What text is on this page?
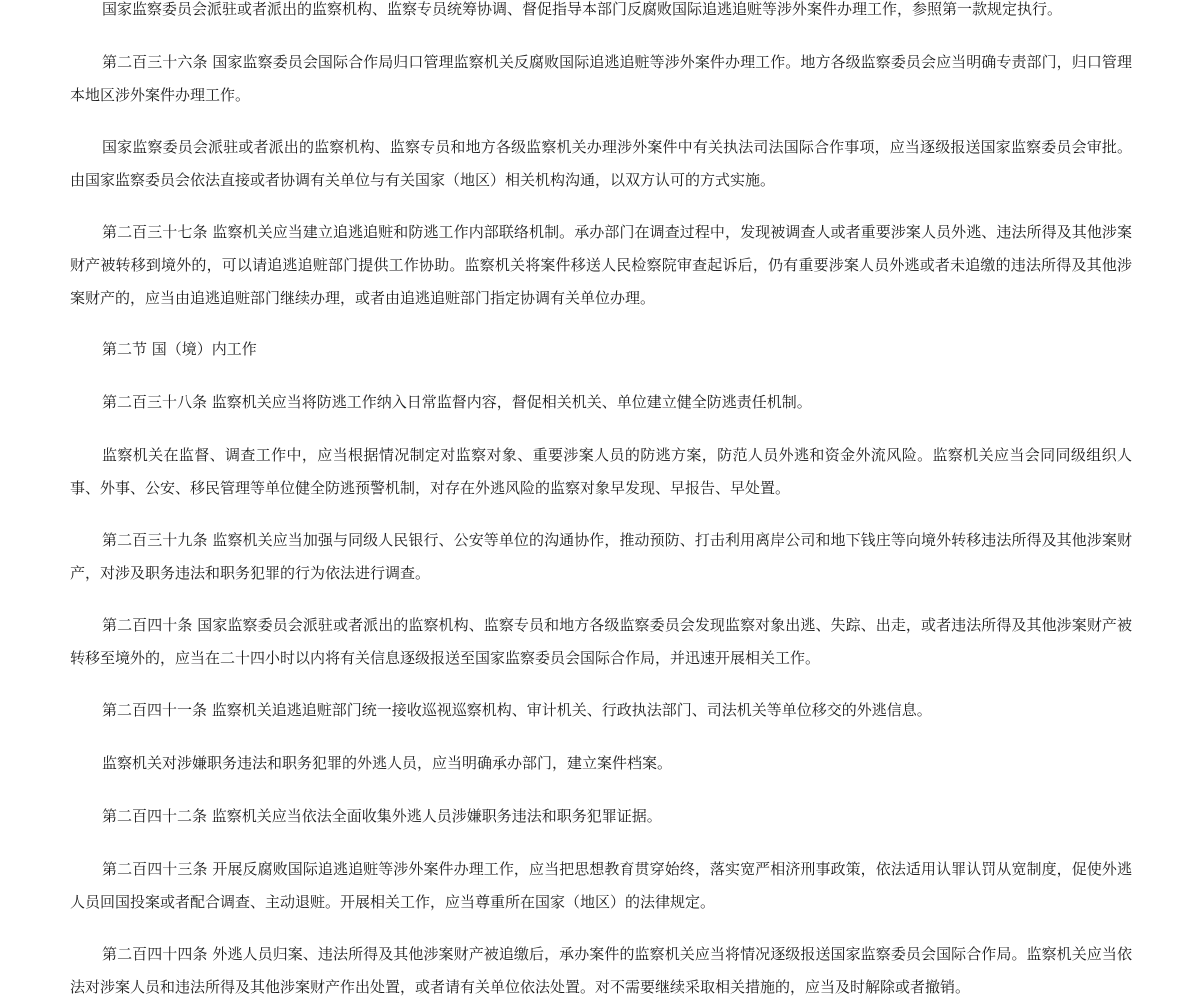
国家监察委员会派驻或者派出的监察机构、监察专员统筹协调、督促指导本部门反腐败国际追逃追赃等涉外案件办理工作，参照第一款规定执行。

第二百三十六条 国家监察委员会国际合作局归口管理监察机关反腐败国际追逃追赃等涉外案件办理工作。地方各级监察委员会应当明确专责部门，归口管理本地区涉外案件办理工作。

国家监察委员会派驻或者派出的监察机构、监察专员和地方各级监察机关办理涉外案件中有关执法司法国际合作事项，应当逐级报送国家监察委员会审批。由国家监察委员会依法直接或者协调有关单位与有关国家（地区）相关机构沟通，以双方认可的方式实施。

第二百三十七条 监察机关应当建立追逃追赃和防逃工作内部联络机制。承办部门在调查过程中，发现被调查人或者重要涉案人员外逃、违法所得及其他涉案财产被转移到境外的，可以请追逃追赃部门提供工作协助。监察机关将案件移送人民检察院审查起诉后，仍有重要涉案人员外逃或者未追缴的违法所得及其他涉案财产的，应当由追逃追赃部门继续办理，或者由追逃追赃部门指定协调有关单位办理。

第二节 国（境）内工作

第二百三十八条 监察机关应当将防逃工作纳入日常监督内容，督促相关机关、单位建立健全防逃责任机制。

监察机关在监督、调查工作中，应当根据情况制定对监察对象、重要涉案人员的防逃方案，防范人员外逃和资金外流风险。监察机关应当会同同级组织人事、外事、公安、移民管理等单位健全防逃预警机制，对存在外逃风险的监察对象早发现、早报告、早处置。

第二百三十九条 监察机关应当加强与同级人民银行、公安等单位的沟通协作，推动预防、打击利用离岸公司和地下钱庄等向境外转移违法所得及其他涉案财产，对涉及职务违法和职务犯罪的行为依法进行调查。

第二百四十条 国家监察委员会派驻或者派出的监察机构、监察专员和地方各级监察委员会发现监察对象出逃、失踪、出走，或者违法所得及其他涉案财产被转移至境外的，应当在二十四小时以内将有关信息逐级报送至国家监察委员会国际合作局，并迅速开展相关工作。

第二百四十一条 监察机关追逃追赃部门统一接收巡视巡察机构、审计机关、行政执法部门、司法机关等单位移交的外逃信息。

监察机关对涉嫌职务违法和职务犯罪的外逃人员，应当明确承办部门，建立案件档案。

第二百四十二条 监察机关应当依法全面收集外逃人员涉嫌职务违法和职务犯罪证据。

第二百四十三条 开展反腐败国际追逃追赃等涉外案件办理工作，应当把思想教育贯穿始终，落实宽严相济刑事政策，依法适用认罪认罚从宽制度，促使外逃人员回国投案或者配合调查、主动退赃。开展相关工作，应当尊重所在国家（地区）的法律规定。

第二百四十四条 外逃人员归案、违法所得及其他涉案财产被追缴后，承办案件的监察机关应当将情况逐级报送国家监察委员会国际合作局。监察机关应当依法对涉案人员和违法所得及其他涉案财产作出处置，或者请有关单位依法处置。对不需要继续采取相关措施的，应当及时解除或者撤销。
